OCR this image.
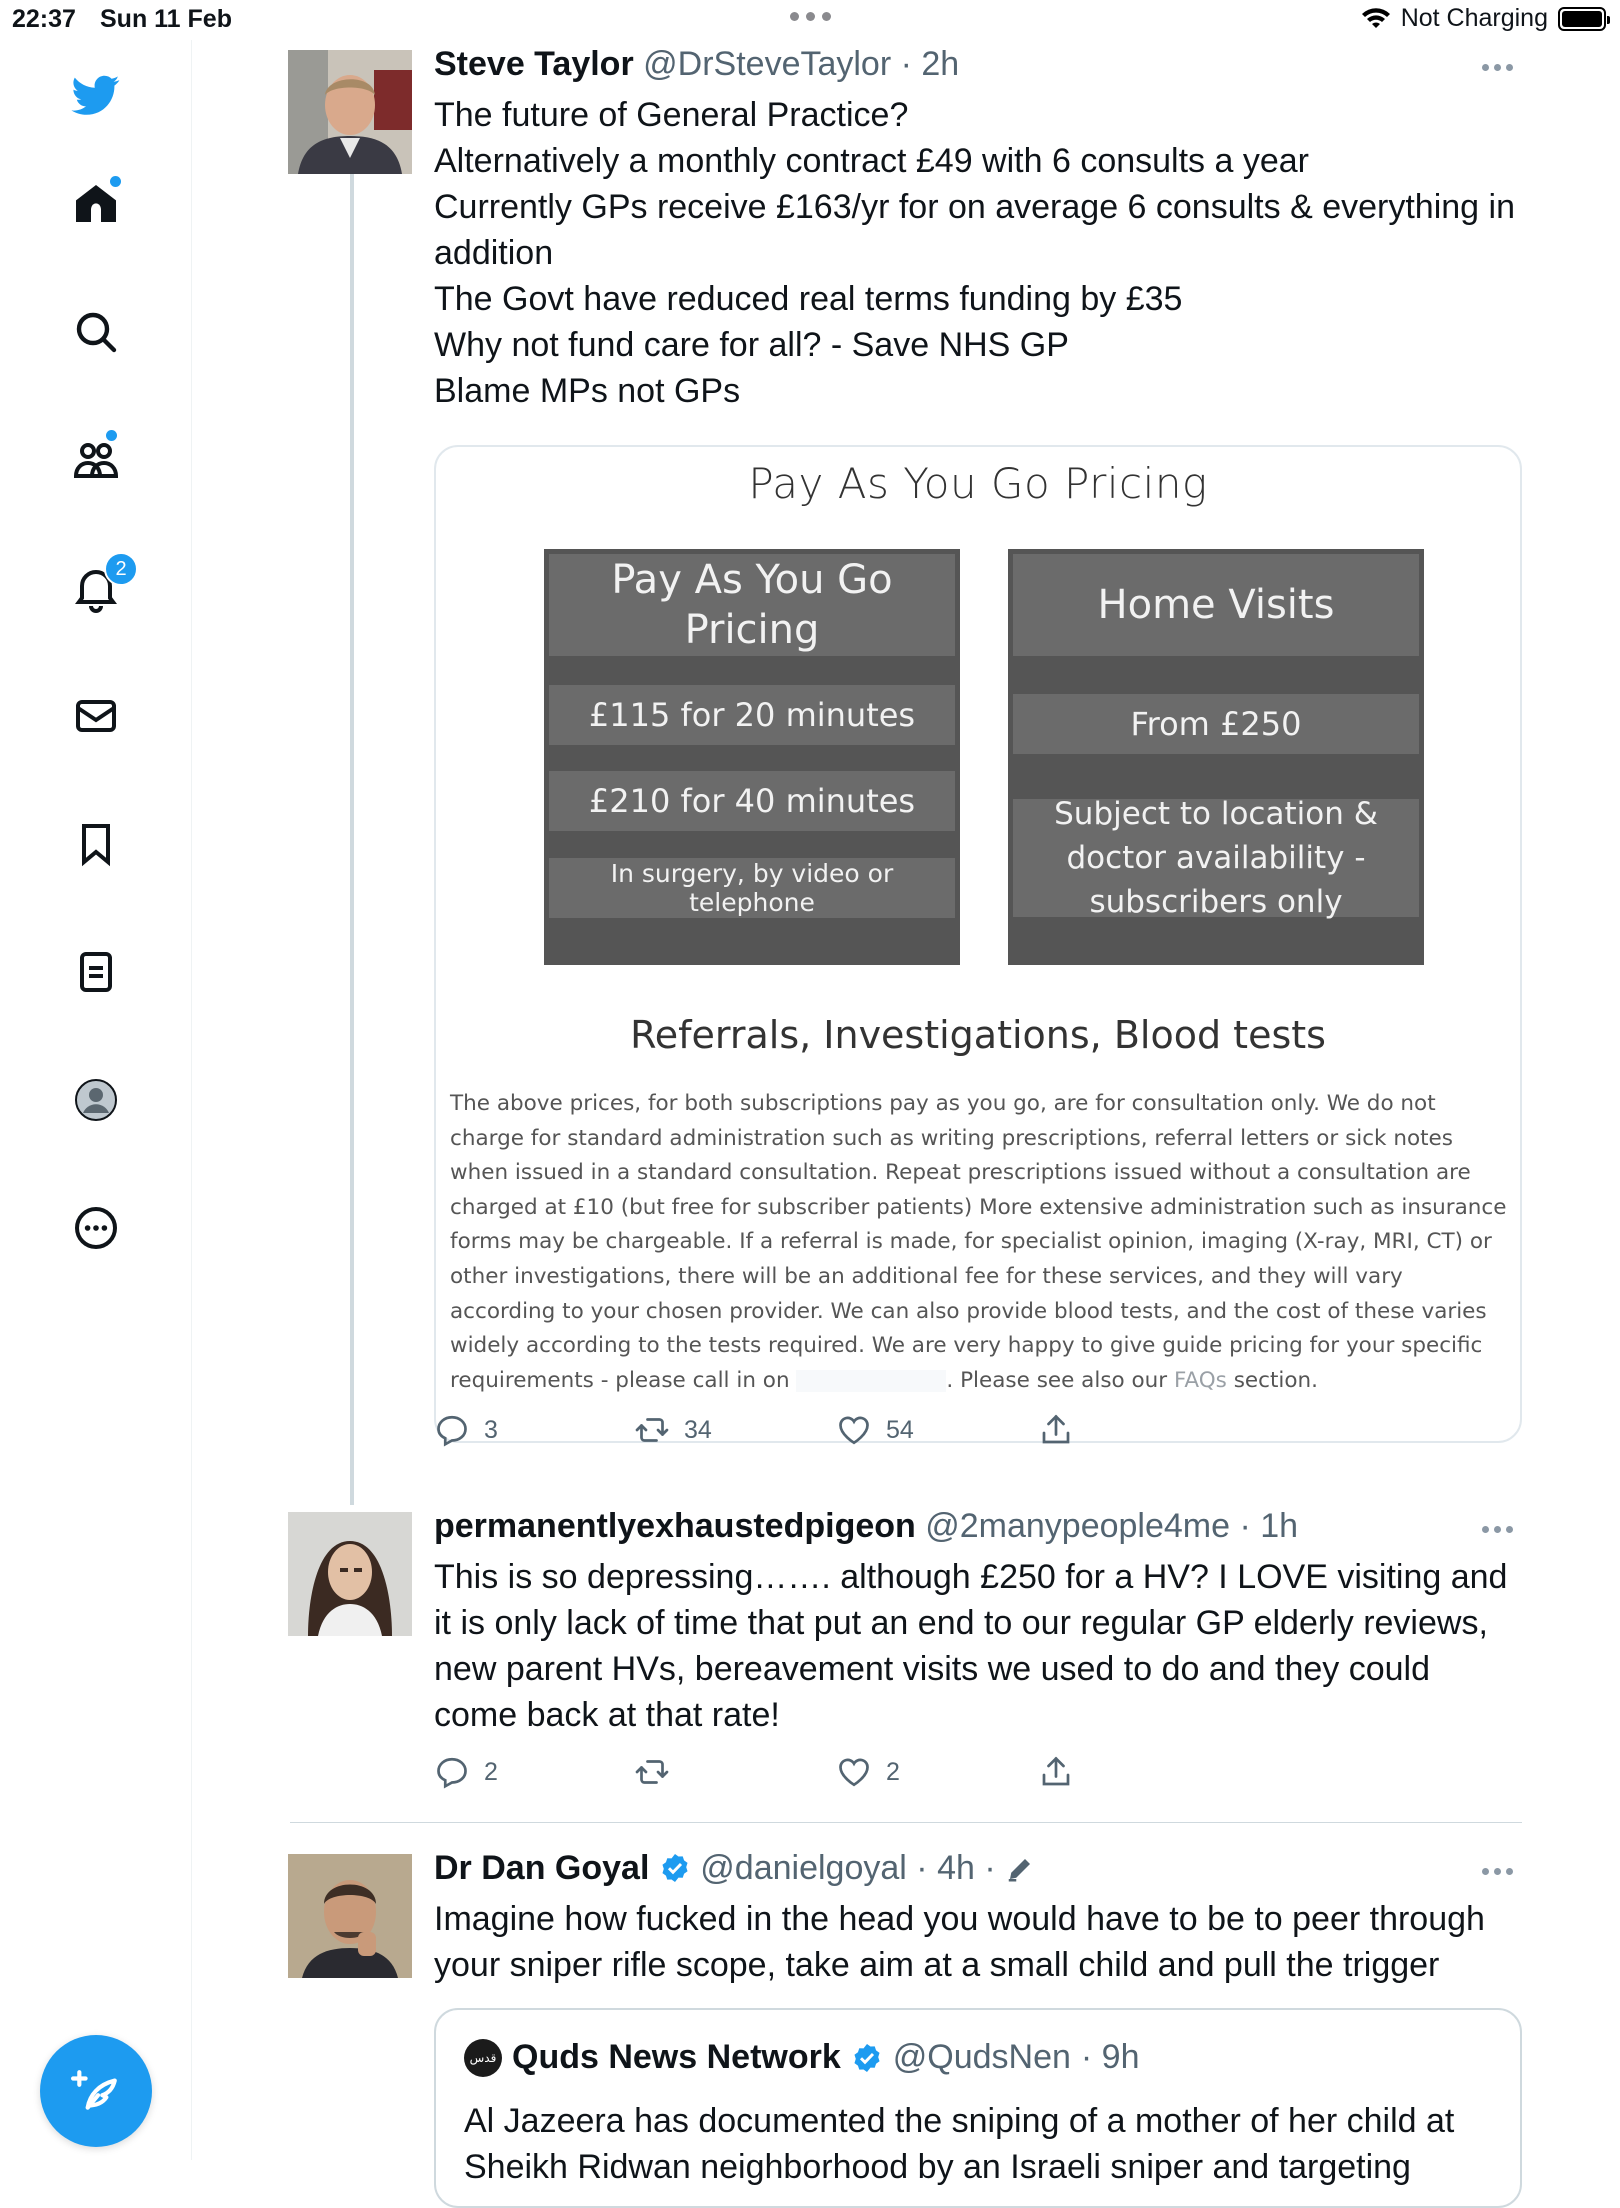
22:37 Sun 11 Feb	Not Charging
2
Steve Taylor @DrSteveTaylor · 2h

The future of General Practice?

Alternatively a monthly contract £49 with 6 consults a year

Currently GPs receive £163/yr for on average 6 consults & everything in addition

The Govt have reduced real terms funding by £35

Why not fund care for all? - Save NHS GP

Blame MPs not GPs

Pay As You Go Pricing
Pay As You Go Pricing
£115 for 20 minutes
£210 for 40 minutes
In surgery, by video or telephone
Home Visits
From £250
Subject to location & doctor availability - subscribers only
Referrals, Investigations, Blood tests
The above prices, for both subscriptions pay as you go, are for consultation only. We do not charge for standard administration such as writing prescriptions, referral letters or sick notes when issued in a standard consultation. Repeat prescriptions issued without a consultation are charged at £10 (but free for subscriber patients) More extensive administration such as insurance forms may be chargeable. If a referral is made, for specialist opinion, imaging (X-ray, MRI, CT) or other investigations, there will be an additional fee for these services, and they will vary according to your chosen provider. We can also provide blood tests, and the cost of these varies widely according to the tests required. We are very happy to give guide pricing for your specific requirements - please call in on	. Please see also our FAQs section.
3	34	54
permanentlyexhaustedpigeon @2manypeople4me · 1h
This is so depressing……. although £250 for a HV? I LOVE visiting and it is only lack of time that put an end to our regular GP elderly reviews, new parent HVs, bereavement visits we used to do and they could come back at that rate!
2	2
Dr Dan Goyal @danielgoyal · 4h ·
Imagine how fucked in the head you would have to be to peer through your sniper rifle scope, take aim at a small child and pull the trigger
قدس Quds News Network @QudsNen · 9h
Al Jazeera has documented the sniping of a mother of her child at Sheikh Ridwan neighborhood by an Israeli sniper and targeting
